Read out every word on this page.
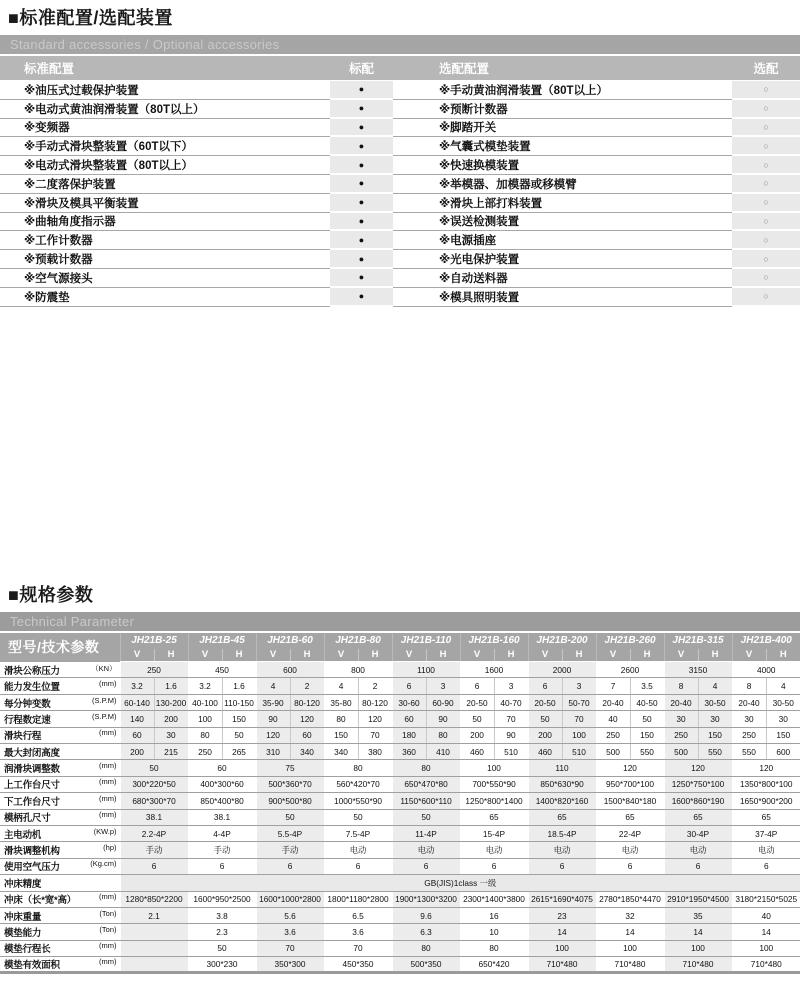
■标准配置/选配装置
Standard accessories / Optional accessories
标准配置	标配	选配配置	选配
※油压式过载保护装置	●	※手动黄油润滑装置（80T以上）	○
※电动式黄油润滑装置（80T以上）	●	※预断计数器	○
※变频器	●	※脚踏开关	○
※手动式滑块整装置（60T以下）	●	※气囊式模垫装置	○
※电动式滑块整装置（80T以上）	●	※快速换模装置	○
※二度落保护装置	●	※举模器、加模器或移模臂	○
※滑块及模具平衡装置	●	※滑块上部打料装置	○
※曲轴角度指示器	●	※误送检测装置	○
※工作计数器	●	※电源插座	○
※预载计数器	●	※光电保护装置	○
※空气源接头	●	※自动送料器	○
※防震垫	●	※模具照明装置	○
■规格参数
Technical Parameter
型号/技术参数	JH21B-25		JH21B-45		JH21B-60		JH21B-80		JH21B-110		JH21B-160		JH21B-200		JH21B-260		JH21B-315		JH21B-400	
	V	H	V	H	V	H	V	H	V	H	V	H	V	H	V	H	V	H	V	H

滑块公称压力 （KN）	250		450		600		800		1100		1600		2000		2600		3150		4000	

能力发生位置 (mm)	3.2	1.6	3.2	1.6	4	2	4	2	6	3	6	3	6	3	7	3.5	8	4	8	4

每分钟变数 (S.P.M)	60-140	130-200	40-100	110-150	35-90	80-120	35-80	80-120	30-60	60-90	20-50	40-70	20-50	50-70	20-40	40-50	20-40	30-50	20-40	30-50

行程数定速 (S.P.M)	140	200	100	150	90	120	80	120	60	90	50	70	50	70	40	50	30	30	30	30

滑块行程 (mm)	60	30	80	50	120	60	150	70	180	80	200	90	200	100	250	150	250	150	250	150

最大封闭高度	200	215	250	265	310	340	340	380	360	410	460	510	460	510	500	550	500	550	550	600

润滑块调整数 (mm)	50		60		75		80		80		100		110		120		120		120	

上工作台尺寸 (mm)	300*220*50		400*300*60		500*360*70		560*420*70		650*470*80		700*550*90		850*630*90		950*700*100		1250*750*100		1350*800*100	

下工作台尺寸 (mm)	680*300*70		850*400*80		900*500*80		1000*550*90		1150*600*110		1250*800*1400		1400*820*160		1500*840*180		1600*860*190		1650*900*200	

模柄孔尺寸 (mm)	38.1		38.1		50		50		50		65		65		65		65		65	

主电动机 (KW.p)	2.2-4P		4-4P		5.5-4P		7.5-4P		11-4P		15-4P		18.5-4P		22-4P		30-4P		37-4P	

滑块调整机构 (hp)	手动		手动		手动		电动		电动		电动		电动		电动		电动		电动	

使用空气压力 (Kg.cm)	6		6		6		6		6		6		6		6		6		6	

冲床精度	GB(JIS)1class 一级																			

冲床（长*宽*高） (mm)	1280*850*2200		1600*950*2500		1600*1000*2800		1800*1180*2800		1900*1300*3200		2300*1400*3800		2615*1690*4075		2780*1850*4470		2910*1950*4500		3180*2150*5025	

冲床重量 (Ton)	2.1		3.8		5.6		6.5		9.6		16		23		32		35		40	

模垫能力 (Ton)			2.3		3.6		3.6		6.3		10		14		14		14		14	

模垫行程长 (mm)			50		70		70		80		80		100		100		100		100	

模垫有效面积 (mm)			300*230		350*300		450*350		500*350		650*420		710*480		710*480		710*480		710*480	
